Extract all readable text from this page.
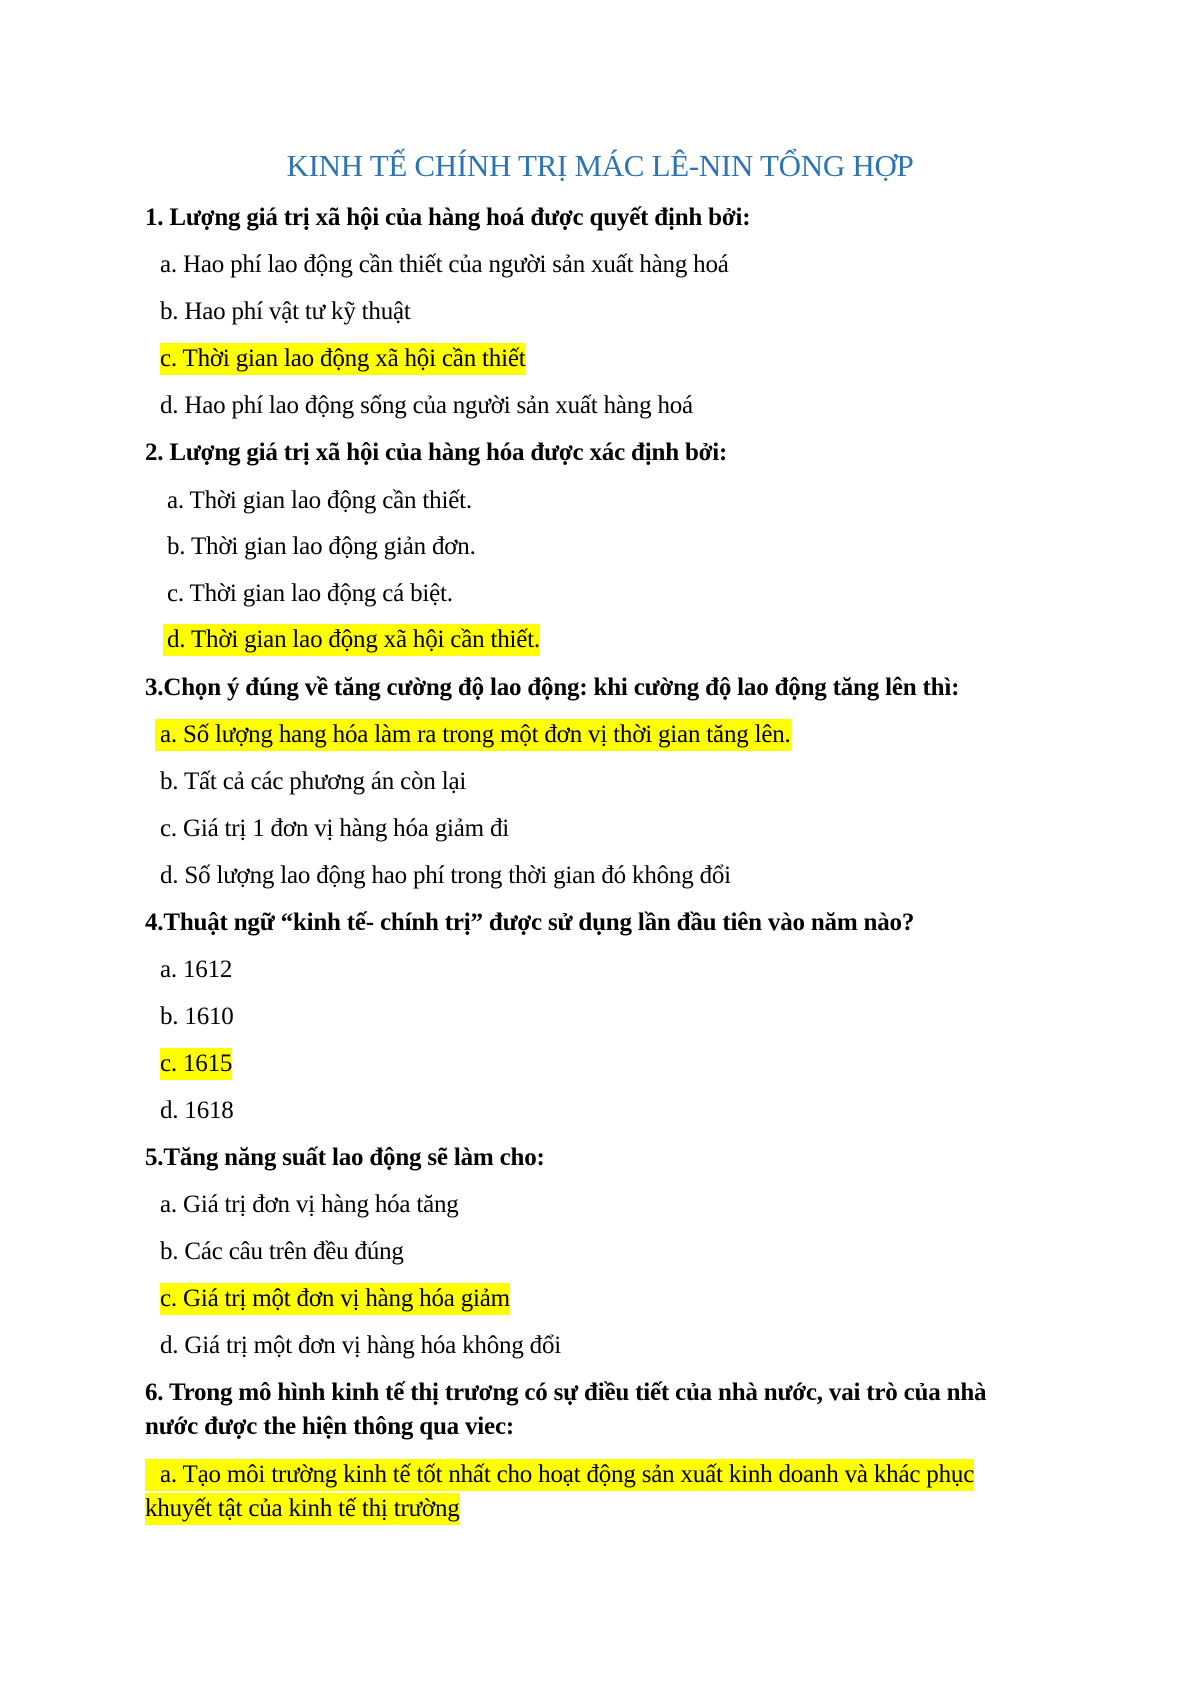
KINH TẾ CHÍNH TRỊ MÁC LÊ-NIN TỔNG HỢP
1. Lượng giá trị xã hội của hàng hoá được quyết định bởi:
a. Hao phí lao động cần thiết của người sản xuất hàng hoá
b. Hao phí vật tư kỹ thuật
c. Thời gian lao động xã hội cần thiết
d. Hao phí lao động sống của người sản xuất hàng hoá
2. Lượng giá trị xã hội của hàng hóa được xác định bởi:
a. Thời gian lao động cần thiết.
b. Thời gian lao động giản đơn.
c. Thời gian lao động cá biệt.
d. Thời gian lao động xã hội cần thiết.
3.Chọn ý đúng về tăng cường độ lao động: khi cường độ lao động tăng lên thì:
a. Số lượng hang hóa làm ra trong một đơn vị thời gian tăng lên.
b. Tất cả các phương án còn lại
c. Giá trị 1 đơn vị hàng hóa giảm đi
d. Số lượng lao động hao phí trong thời gian đó không đổi
4.Thuật ngữ “kinh tế- chính trị” được sử dụng lần đầu tiên vào năm nào?
a. 1612
b. 1610
c. 1615
d. 1618
5.Tăng năng suất lao động sẽ làm cho:
a. Giá trị đơn vị hàng hóa tăng
b. Các câu trên đều đúng
c. Giá trị một đơn vị hàng hóa giảm
d. Giá trị một đơn vị hàng hóa không đổi
6. Trong mô hình kinh tế thị trương có sự điều tiết của nhà nước, vai trò của nhà
nước được the hiện thông qua viec:
a. Tạo môi trường kinh tế tốt nhất cho hoạt động sản xuất kinh doanh và khác phục
khuyết tật của kinh tế thị trường
